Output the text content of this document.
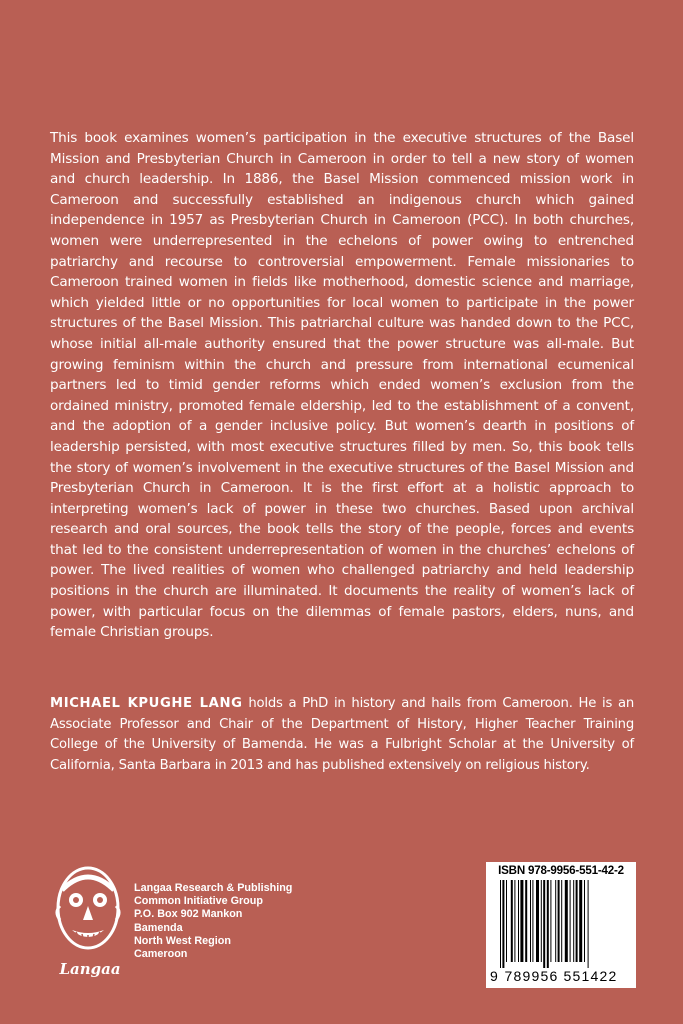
This book examines women’s participation in the executive structures of the Basel Mission and Presbyterian Church in Cameroon in order to tell a new story of women and church leadership. In 1886, the Basel Mission commenced mission work in Cameroon and successfully established an indigenous church which gained independence in 1957 as Presbyterian Church in Cameroon (PCC). In both churches, women were underrepresented in the echelons of power owing to entrenched patriarchy and recourse to controversial empowerment. Female missionaries to Cameroon trained women in fields like motherhood, domestic science and marriage, which yielded little or no opportunities for local women to participate in the power structures of the Basel Mission. This patriarchal culture was handed down to the PCC, whose initial all-male authority ensured that the power structure was all-male. But growing feminism within the church and pressure from international ecumenical partners led to timid gender reforms which ended women’s exclusion from the ordained ministry, promoted female eldership, led to the establishment of a convent, and the adoption of a gender inclusive policy. But women’s dearth in positions of leadership persisted, with most executive structures filled by men. So, this book tells the story of women’s involvement in the executive structures of the Basel Mission and Presbyterian Church in Cameroon. It is the first effort at a holistic approach to interpreting women’s lack of power in these two churches. Based upon archival research and oral sources, the book tells the story of the people, forces and events that led to the consistent underrepresentation of women in the churches’ echelons of power. The lived realities of women who challenged patriarchy and held leadership positions in the church are illuminated. It documents the reality of women’s lack of power, with particular focus on the dilemmas of female pastors, elders, nuns, and female Christian groups.

MICHAEL KPUGHE LANG holds a PhD in history and hails from Cameroon. He is an Associate Professor and Chair of the Department of History, Higher Teacher Training College of the University of Bamenda. He was a Fulbright Scholar at the University of California, Santa Barbara in 2013 and has published extensively on religious history.

Langaa
Langaa Research & Publishing
Common Initiative Group
P.O. Box 902 Mankon
Bamenda
North West Region
Cameroon
ISBN 978-9956-551-42-2
9 789956 551422
